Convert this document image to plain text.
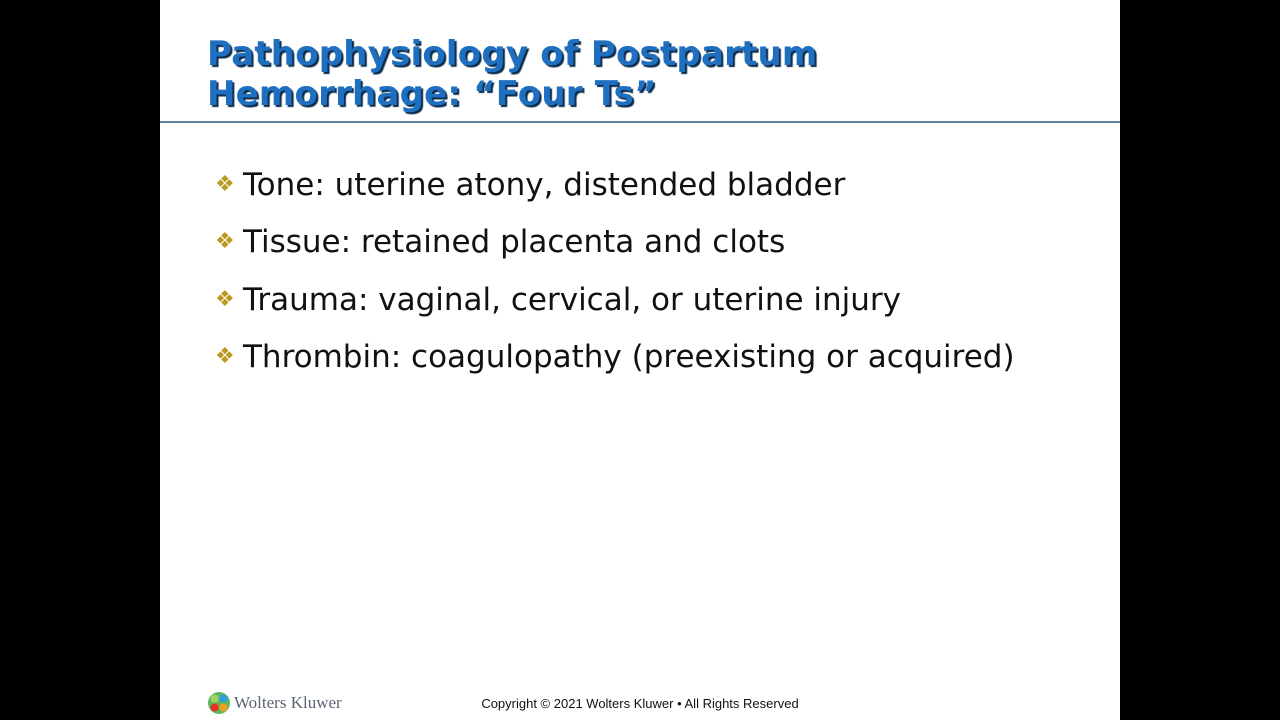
Pathophysiology of Postpartum
Hemorrhage: “Four Ts”
❖ Tone: uterine atony, distended bladder
❖ Tissue: retained placenta and clots
❖ Trauma: vaginal, cervical, or uterine injury
❖ Thrombin: coagulopathy (preexisting or acquired)
Wolters Kluwer	Copyright © 2021 Wolters Kluwer • All Rights Reserved
